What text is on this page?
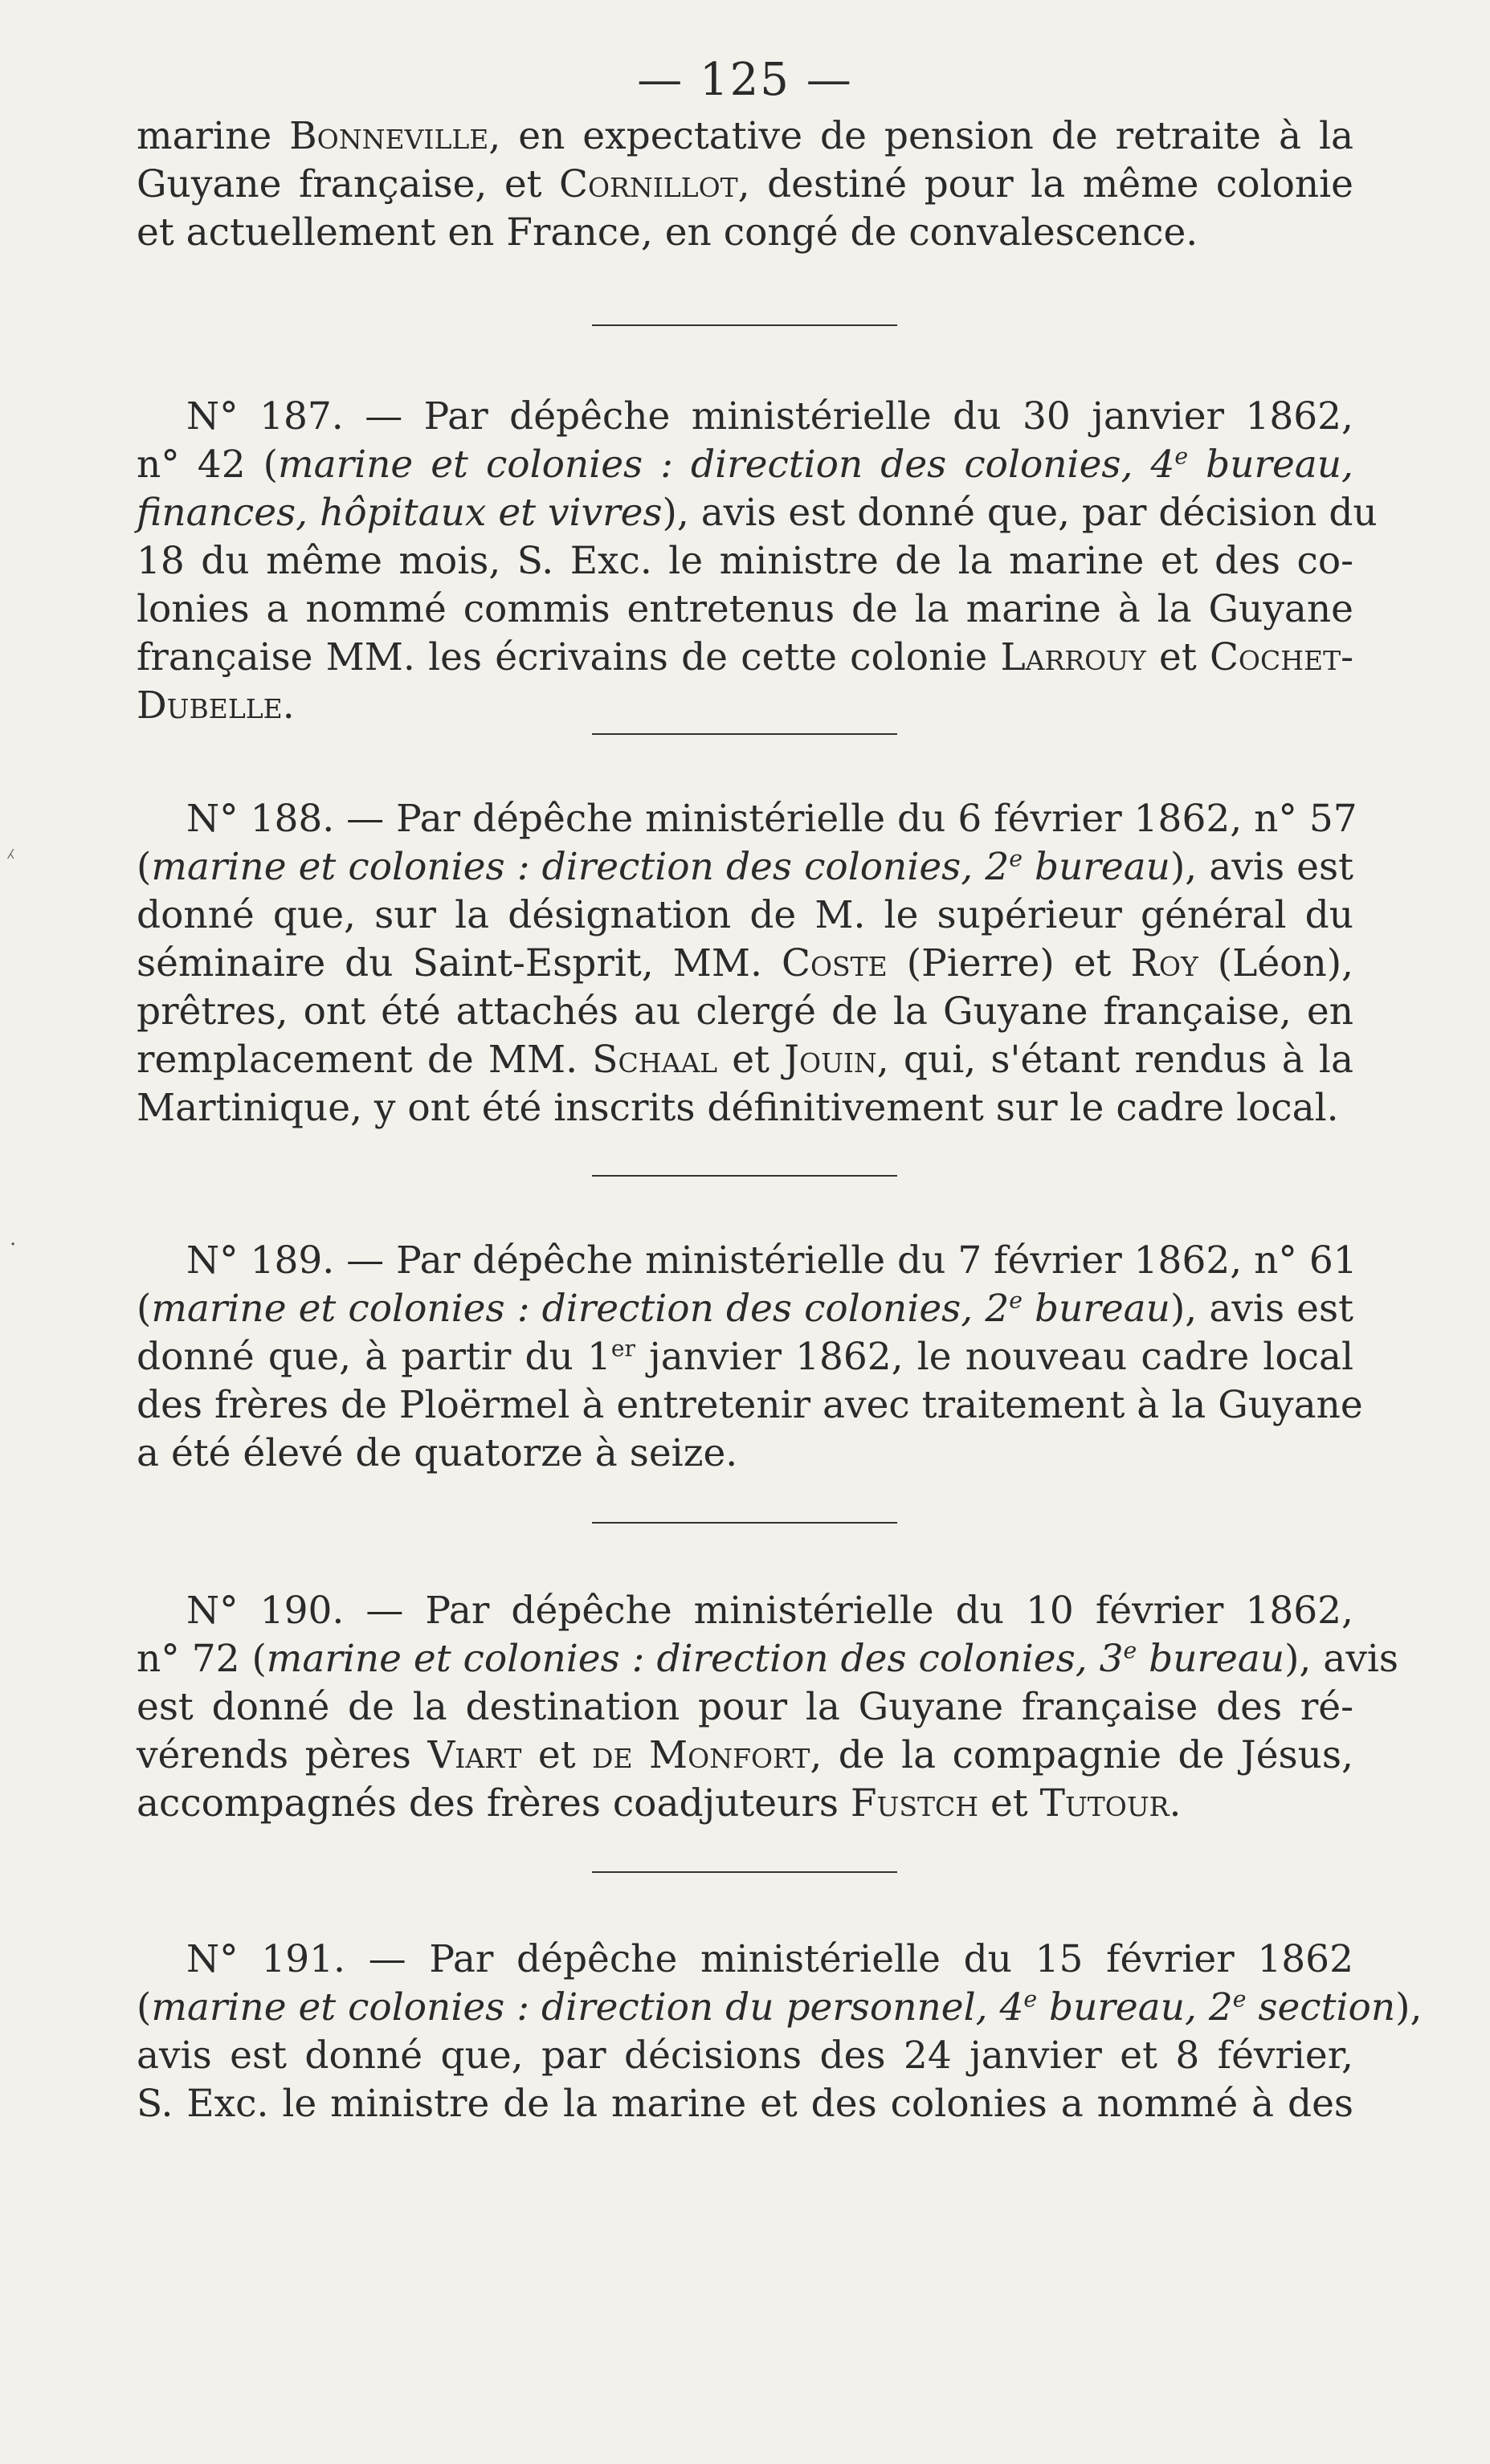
— 125 —
⁁
·
marine Bonneville, en expectative de pension de retraite à la
Guyane française, et Cornillot, destiné pour la même colonie
et actuellement en France, en congé de convalescence.
N° 187. — Par dépêche ministérielle du 30 janvier 1862,
n° 42 (marine et colonies : direction des colonies, 4e bureau,
finances, hôpitaux et vivres), avis est donné que, par décision du
18 du même mois, S. Exc. le ministre de la marine et des co-
lonies a nommé commis entretenus de la marine à la Guyane
française MM. les écrivains de cette colonie Larrouy et Cochet-
Dubelle.
N° 188. — Par dépêche ministérielle du 6 février 1862, n° 57
(marine et colonies : direction des colonies, 2e bureau), avis est
donné que, sur la désignation de M. le supérieur général du
séminaire du Saint-Esprit, MM. Coste (Pierre) et Roy (Léon),
prêtres, ont été attachés au clergé de la Guyane française, en
remplacement de MM. Schaal et Jouin, qui, s'étant rendus à la
Martinique, y ont été inscrits définitivement sur le cadre local.
N° 189. — Par dépêche ministérielle du 7 février 1862, n° 61
(marine et colonies : direction des colonies, 2e bureau), avis est
donné que, à partir du 1er janvier 1862, le nouveau cadre local
des frères de Ploërmel à entretenir avec traitement à la Guyane
a été élevé de quatorze à seize.
N° 190. — Par dépêche ministérielle du 10 février 1862,
n° 72 (marine et colonies : direction des colonies, 3e bureau), avis
est donné de la destination pour la Guyane française des ré-
vérends pères Viart et de Monfort, de la compagnie de Jésus,
accompagnés des frères coadjuteurs Fustch et Tutour.
N° 191. — Par dépêche ministérielle du 15 février 1862
(marine et colonies : direction du personnel, 4e bureau, 2e section),
avis est donné que, par décisions des 24 janvier et 8 février,
S. Exc. le ministre de la marine et des colonies a nommé à des
